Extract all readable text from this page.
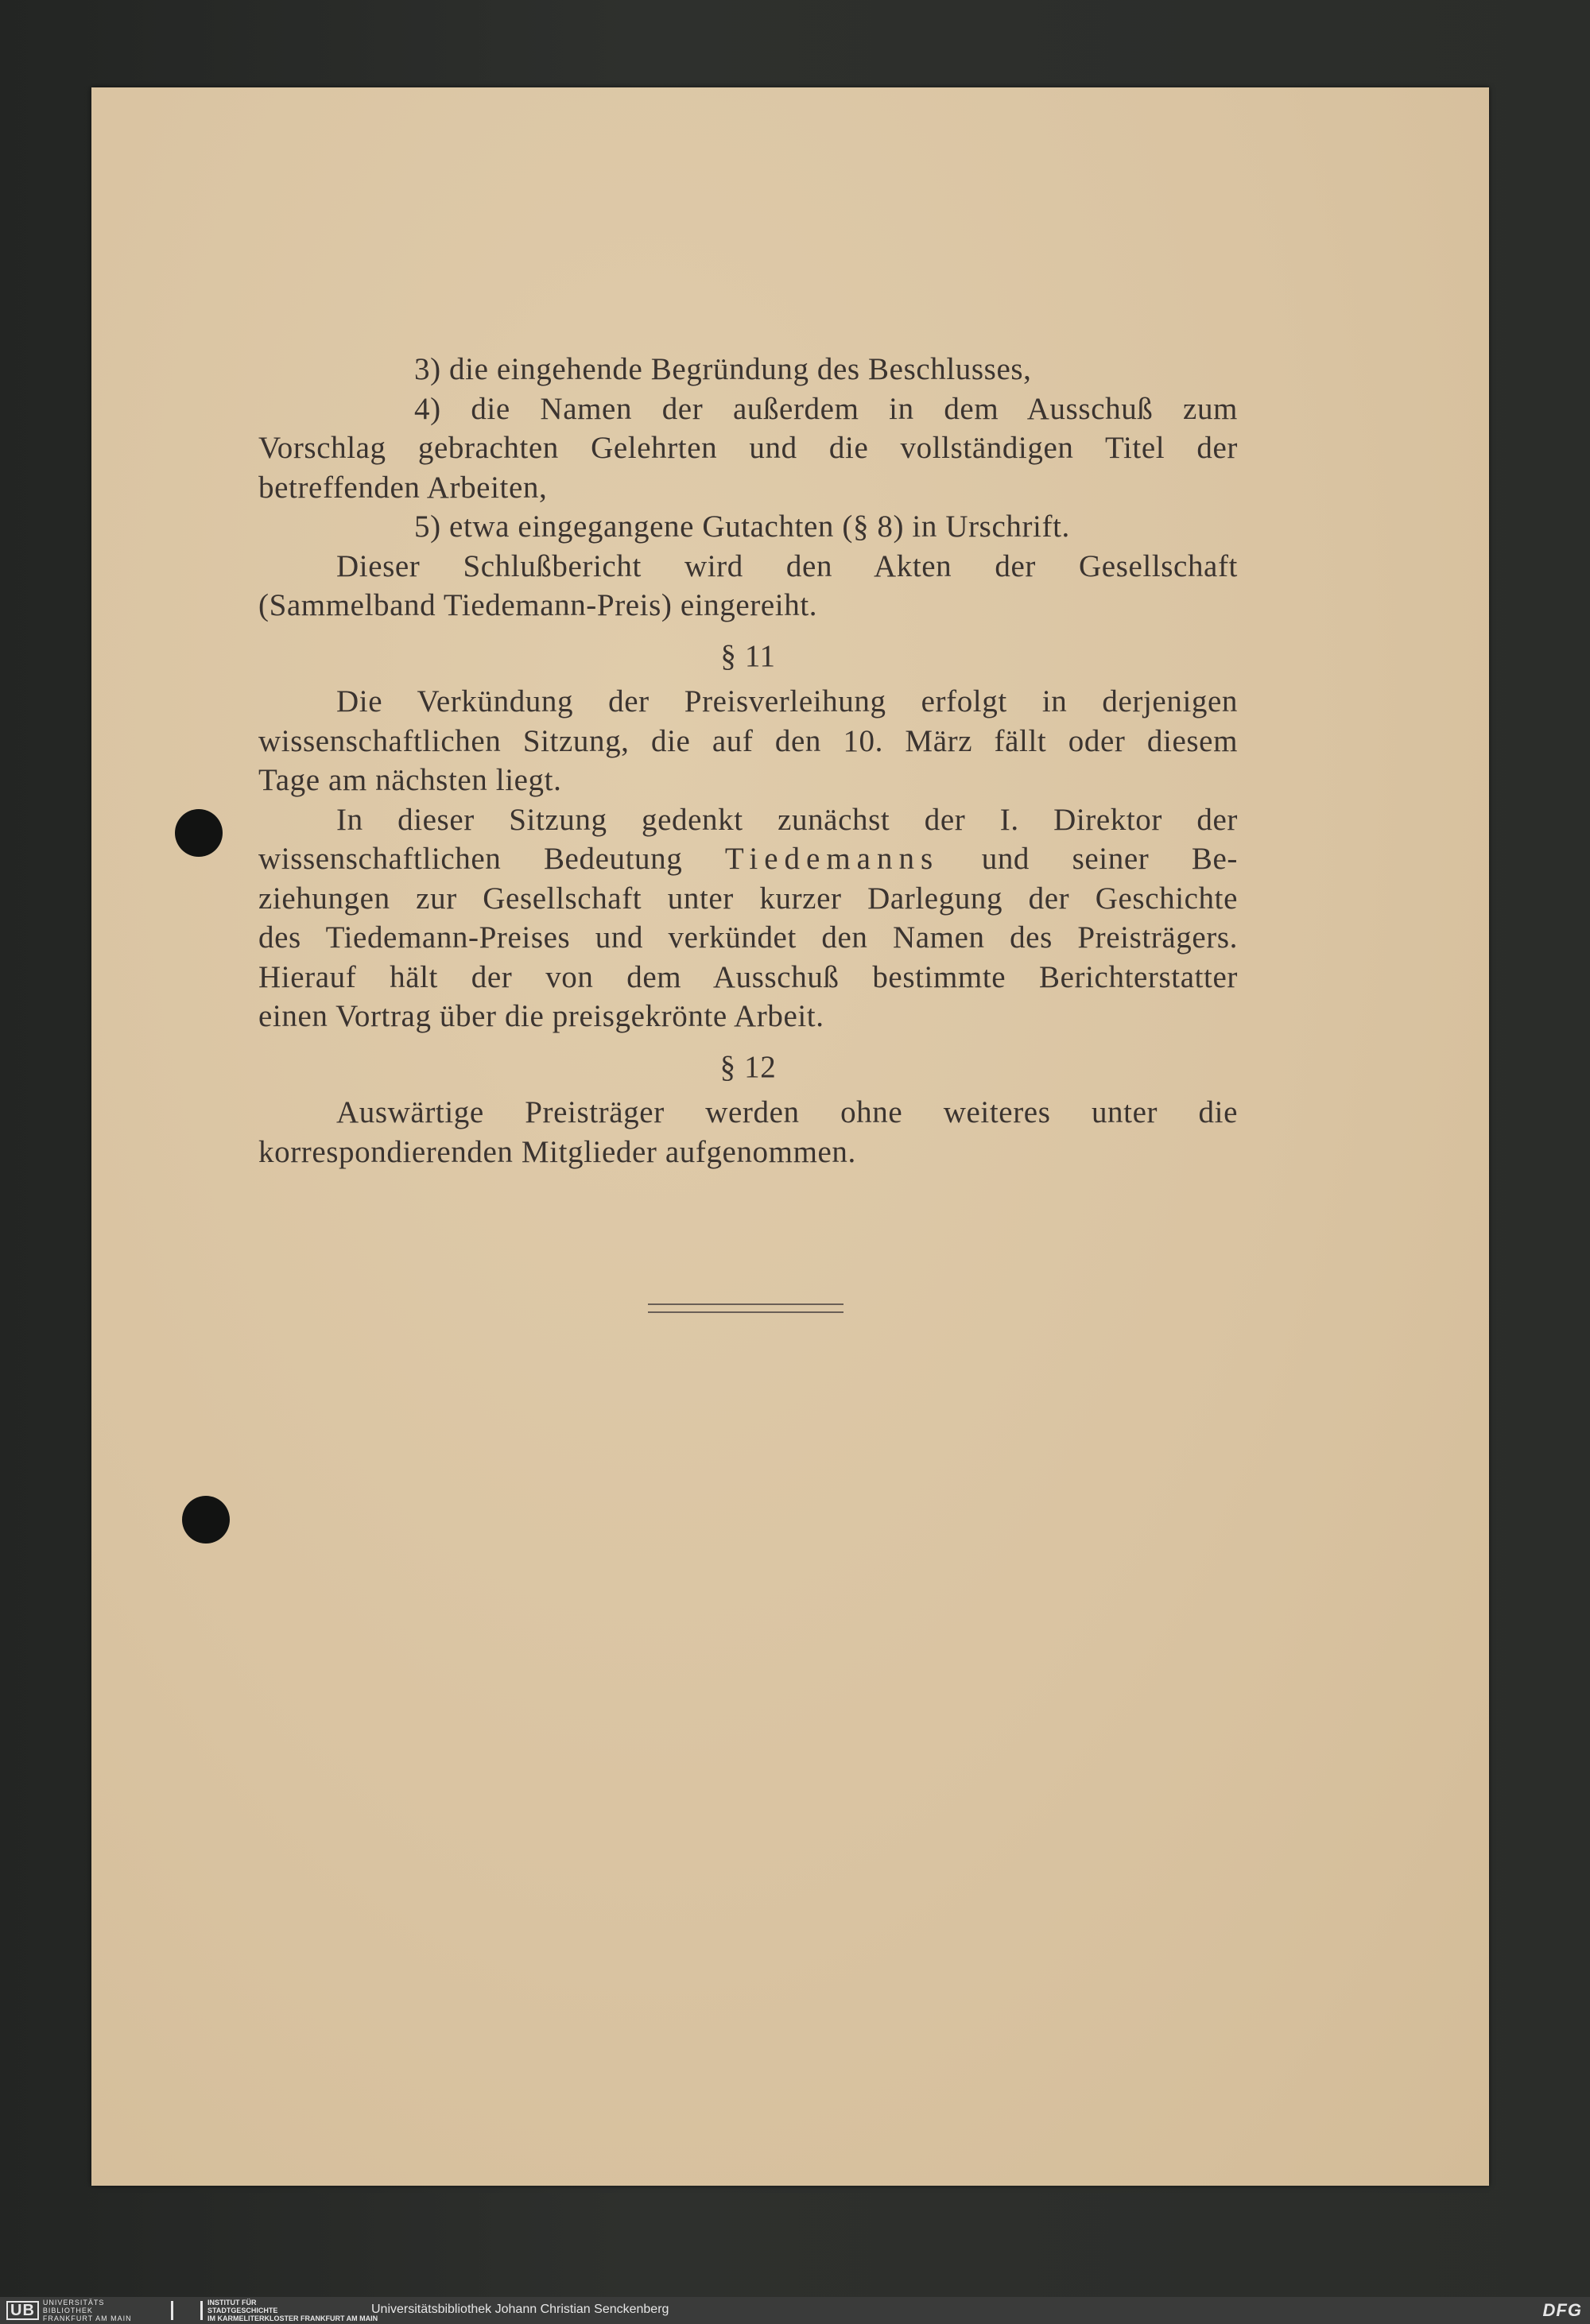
3) die eingehende Begründung des Beschlusses,

4) die Namen der außerdem in dem Ausschuß zum

Vorschlag gebrachten Gelehrten und die vollständigen Titel der

betreffenden Arbeiten,

5) etwa eingegangene Gutachten (§ 8) in Urschrift.

Dieser Schlußbericht wird den Akten der Gesellschaft

(Sammelband Tiedemann-Preis) eingereiht.

§ 11

Die Verkündung der Preisverleihung erfolgt in derjenigen

wissenschaftlichen Sitzung, die auf den 10. März fällt oder diesem

Tage am nächsten liegt.

In dieser Sitzung gedenkt zunächst der I. Direktor der

wissenschaftlichen Bedeutung Tiedemanns und seiner Be-

ziehungen zur Gesellschaft unter kurzer Darlegung der Geschichte

des Tiedemann-Preises und verkündet den Namen des Preisträgers.

Hierauf hält der von dem Ausschuß bestimmte Berichterstatter

einen Vortrag über die preisgekrönte Arbeit.

§ 12

Auswärtige Preisträger werden ohne weiteres unter die

korrespondierenden Mitglieder aufgenommen.

UB	UNIVERSITÄTS
BIBLIOTHEK
FRANKFURT AM MAIN
INSTITUT FÜR
STADTGESCHICHTE
IM KARMELITERKLOSTER FRANKFURT AM MAIN
Universitätsbibliothek Johann Christian Senckenberg	DFG
